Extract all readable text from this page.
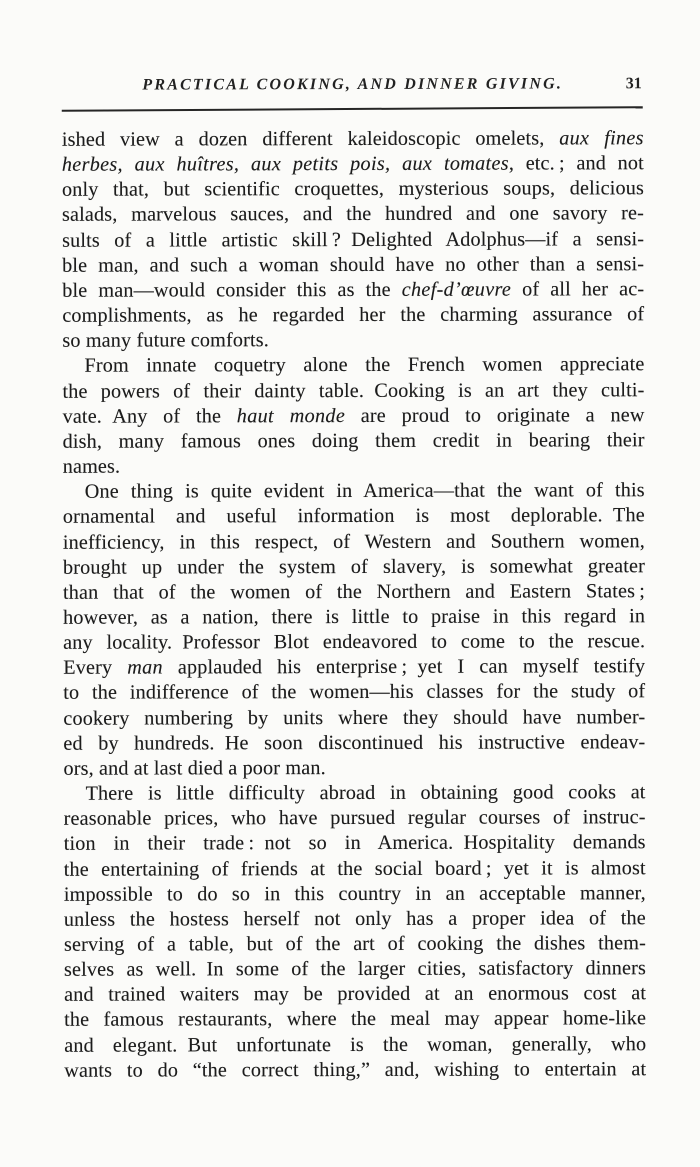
PRACTICAL COOKING, AND DINNER GIVING.	31
ished view a dozen different kaleidoscopic omelets, aux fines
herbes, aux huîtres, aux petits pois, aux tomates, etc. ; and not
only that, but scientific croquettes, mysterious soups, delicious
salads, marvelous sauces, and the hundred and one savory re-
sults of a little artistic skill ? Delighted Adolphus—if a sensi-
ble man, and such a woman should have no other than a sensi-
ble man—would consider this as the chef-d’œuvre of all her ac-
complishments, as he regarded her the charming assurance of
so many future comforts.
From innate coquetry alone the French women appreciate
the powers of their dainty table. Cooking is an art they culti-
vate. Any of the haut monde are proud to originate a new
dish, many famous ones doing them credit in bearing their
names.
One thing is quite evident in America—that the want of this
ornamental and useful information is most deplorable. The
inefficiency, in this respect, of Western and Southern women,
brought up under the system of slavery, is somewhat greater
than that of the women of the Northern and Eastern States ;
however, as a nation, there is little to praise in this regard in
any locality. Professor Blot endeavored to come to the rescue.
Every man applauded his enterprise ; yet I can myself testify
to the indifference of the women—his classes for the study of
cookery numbering by units where they should have number-
ed by hundreds. He soon discontinued his instructive endeav-
ors, and at last died a poor man.
There is little difficulty abroad in obtaining good cooks at
reasonable prices, who have pursued regular courses of instruc-
tion in their trade : not so in America. Hospitality demands
the entertaining of friends at the social board ; yet it is almost
impossible to do so in this country in an acceptable manner,
unless the hostess herself not only has a proper idea of the
serving of a table, but of the art of cooking the dishes them-
selves as well. In some of the larger cities, satisfactory dinners
and trained waiters may be provided at an enormous cost at
the famous restaurants, where the meal may appear home-like
and elegant. But unfortunate is the woman, generally, who
wants to do “the correct thing,” and, wishing to entertain at
